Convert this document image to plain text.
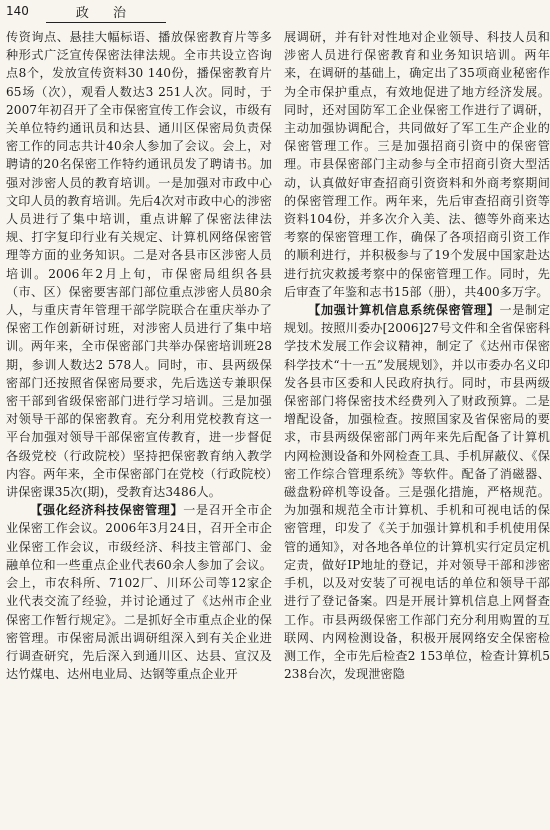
140	政 治

传资询点、悬挂大幅标语、播放保密教育片等多种形式广泛宣传保密法律法规。全市共设立咨询点8个，发放宣传资料30 140份，播保密教育片65场（次），观看人数达3 251人次。同时，于2007年初召开了全市保密宣传工作会议，市级有关单位特约通讯员和达县、通川区保密局负责保密工作的同志共计40余人参加了会议。会上，对聘请的20名保密工作特约通讯员发了聘请书。加强对涉密人员的教育培训。一是加强对市政中心文印人员的教育培训。先后4次对市政中心的涉密人员进行了集中培训，重点讲解了保密法律法规、打字复印行业有关规定、计算机网络保密管理等方面的业务知识。二是对各县市区涉密人员培训。2006年2月上旬，市保密局组织各县（市、区）保密要害部门部位重点涉密人员80余人，与重庆青年管理干部学院联合在重庆举办了保密工作创新研讨班，对涉密人员进行了集中培训。两年来，全市保密部门共举办保密培训班28期，参训人数达2 578人。同时，市、县两级保密部门还按照省保密局要求，先后选送专兼职保密干部到省级保密部门进行学习培训。三是加强对领导干部的保密教育。充分利用党校教育这一平台加强对领导干部保密宣传教育，进一步督促各级党校（行政院校）坚持把保密教育纳入教学内容。两年来，全市保密部门在党校（行政院校）讲保密课35次(期)，受教育达3486人。

【强化经济科技保密管理】一是召开全市企业保密工作会议。2006年3月24日，召开全市企业保密工作会议，市级经济、科技主管部门、金融单位和一些重点企业代表60余人参加了会议。会上，市农科所、7102厂、川环公司等12家企业代表交流了经验，并讨论通过了《达州市企业保密工作暂行规定》。二是抓好全市重点企业的保密管理。市保密局派出调研组深入到有关企业进行调查研究，先后深入到通川区、达县、宣汉及达竹煤电、达州电业局、达钢等重点企业开

展调研，并有针对性地对企业领导、科技人员和涉密人员进行保密教育和业务知识培训。两年来，在调研的基础上，确定出了35项商业秘密作为全市保护重点，有效地促进了地方经济发展。同时，还对国防军工企业保密工作进行了调研，主动加强协调配合，共同做好了军工生产企业的保密管理工作。三是加强招商引资中的保密管理。市县保密部门主动参与全市招商引资大型活动，认真做好审查招商引资资料和外商考察期间的保密管理工作。两年来，先后审查招商引资等资料104份，并多次介入美、法、德等外商来达考察的保密管理工作，确保了各项招商引资工作的顺利进行，并积极参与了19个发展中国家赴达进行抗灾救援考察中的保密管理工作。同时，先后审查了年鉴和志书15部（册），共400多万字。

【加强计算机信息系统保密管理】一是制定规划。按照川委办[2006]27号文件和全省保密科学技术发展工作会议精神，制定了《达州市保密科学技术“十一五”发展规划》，并以市委办名义印发各县市区委和人民政府执行。同时，市县两级保密部门将保密技术经费列入了财政预算。二是增配设备，加强检查。按照国家及省保密局的要求，市县两级保密部门两年来先后配备了计算机内网检测设备和外网检查工具、手机屏蔽仪、《保密工作综合管理系统》等软件。配备了消磁器、磁盘粉碎机等设备。三是强化措施，严格规范。为加强和规范全市计算机、手机和可视电话的保密管理，印发了《关于加强计算机和手机使用保管的通知》，对各地各单位的计算机实行定员定机定责，做好IP地址的登记，并对领导干部和涉密手机，以及对安装了可视电话的单位和领导干部进行了登记备案。四是开展计算机信息上网督查工作。市县两级保密工作部门充分利用购置的互联网、内网检测设备，积极开展网络安全保密检测工作，全市先后检查2 153单位，检查计算机5 238台次，发现泄密隐
